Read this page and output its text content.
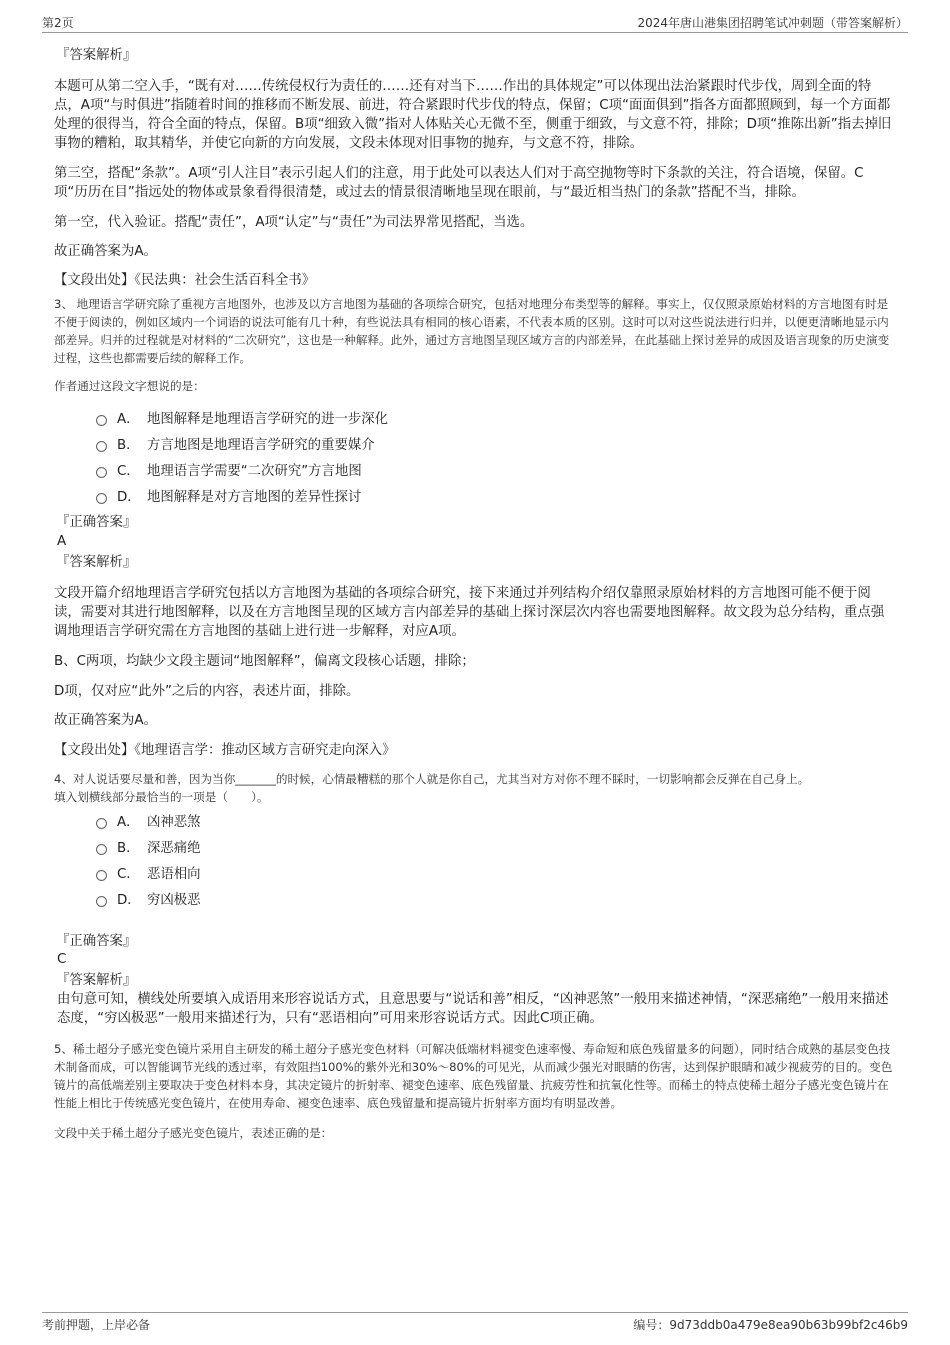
第2页	2024年唐山港集团招聘笔试冲刺题（带答案解析）

『答案解析』

本题可从第二空入手，“既有对……传统侵权行为责任的……还有对当下……作出的具体规定”可以体现出法治紧跟时代步伐，周到全面的特点，A项“与时俱进”指随着时间的推移而不断发展、前进，符合紧跟时代步伐的特点，保留；C项“面面俱到”指各方面都照顾到，每一个方面都处理的很得当，符合全面的特点，保留。B项“细致入微”指对人体贴关心无微不至，侧重于细致，与文意不符，排除；D项“推陈出新”指去掉旧事物的糟粕，取其精华，并使它向新的方向发展，文段未体现对旧事物的抛弃，与文意不符，排除。

第三空，搭配“条款”。A项“引人注目”表示引起人们的注意，用于此处可以表达人们对于高空抛物等时下条款的关注，符合语境，保留。C项“历历在目”指远处的物体或景象看得很清楚，或过去的情景很清晰地呈现在眼前，与“最近相当热门的条款”搭配不当，排除。

第一空，代入验证。搭配“责任”，A项“认定”与“责任”为司法界常见搭配，当选。

故正确答案为A。

【文段出处】《民法典：社会生活百科全书》

3、 地理语言学研究除了重视方言地图外，也涉及以方言地图为基础的各项综合研究，包括对地理分布类型等的解释。事实上，仅仅照录原始材料的方言地图有时是不便于阅读的，例如区域内一个词语的说法可能有几十种，有些说法具有相同的核心语素，不代表本质的区别。这时可以对这些说法进行归并，以便更清晰地显示内部差异。归并的过程就是对材料的“二次研究”，这也是一种解释。此外，通过方言地图呈现区域方言的内部差异，在此基础上探讨差异的成因及语言现象的历史演变过程，这些也都需要后续的解释工作。

作者通过这段文字想说的是：

A． 地图解释是地理语言学研究的进一步深化
B． 方言地图是地理语言学研究的重要媒介
C． 地理语言学需要“二次研究”方言地图
D． 地图解释是对方言地图的差异性探讨

『正确答案』

A

『答案解析』

文段开篇介绍地理语言学研究包括以方言地图为基础的各项综合研究，接下来通过并列结构介绍仅靠照录原始材料的方言地图可能不便于阅读，需要对其进行地图解释，以及在方言地图呈现的区域方言内部差异的基础上探讨深层次内容也需要地图解释。故文段为总分结构，重点强调地理语言学研究需在方言地图的基础上进行进一步解释，对应A项。

B、C两项，均缺少文段主题词“地图解释”，偏离文段核心话题，排除；

D项，仅对应“此外”之后的内容，表述片面，排除。

故正确答案为A。

【文段出处】《地理语言学：推动区域方言研究走向深入》

4、对人说话要尽量和善，因为当你_______的时候，心情最糟糕的那个人就是你自己，尤其当对方对你不理不睬时，一切影响都会反弹在自己身上。

填入划横线部分最恰当的一项是（　　）。

A． 凶神恶煞
B． 深恶痛绝
C． 恶语相向
D． 穷凶极恶

『正确答案』

C

『答案解析』

由句意可知，横线处所要填入成语用来形容说话方式，且意思要与“说话和善”相反，“凶神恶煞”一般用来描述神情，“深恶痛绝”一般用来描述态度，“穷凶极恶”一般用来描述行为，只有“恶语相向”可用来形容说话方式。因此C项正确。

5、稀土超分子感光变色镜片采用自主研发的稀土超分子感光变色材料（可解决低端材料褪变色速率慢、寿命短和底色残留量多的问题），同时结合成熟的基层变色技术制备而成，可以智能调节光线的透过率，有效阻挡100%的紫外光和30%～80%的可见光，从而减少强光对眼睛的伤害，达到保护眼睛和减少视疲劳的目的。变色镜片的高低端差别主要取决于变色材料本身，其决定镜片的折射率、褪变色速率、底色残留量、抗疲劳性和抗氧化性等。而稀土的特点使稀土超分子感光变色镜片在性能上相比于传统感光变色镜片，在使用寿命、褪变色速率、底色残留量和提高镜片折射率方面均有明显改善。

文段中关于稀土超分子感光变色镜片，表述正确的是：

考前押题，上岸必备	编号：9d73ddb0a479e8ea90b63b99bf2c46b9
